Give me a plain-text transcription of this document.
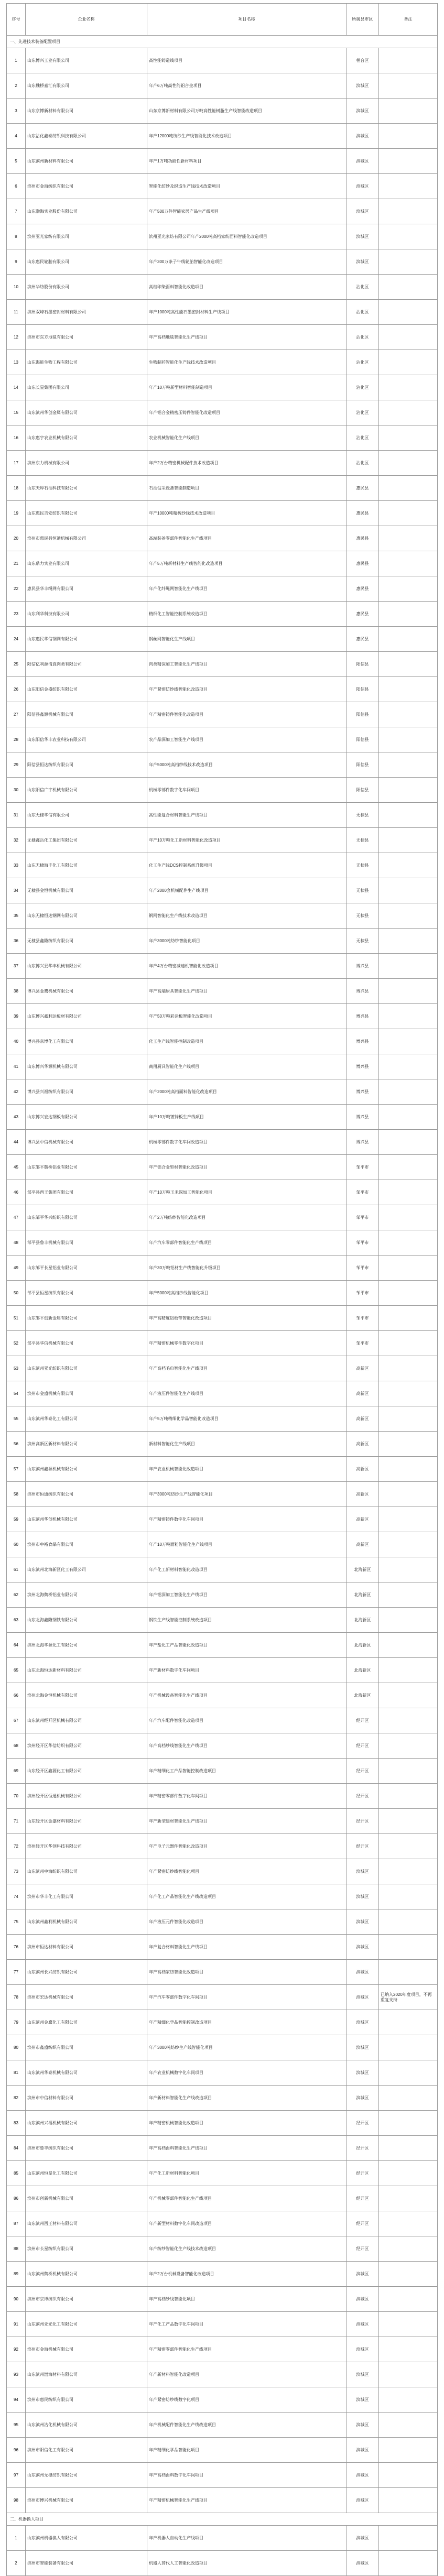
序号	企业名称	项目名称	所属县市区	备注
一、先进技术装备配置项目				
1	山东博兴工业有限公司	高性能铸造线项目	桓台区	
2	山东魏桥嘉汇有限公司	年产6万吨高性能铝合金项目	滨城区	
3	山东京博新材料有限公司	山东京博新材料有限公司万吨高性能树脂生产线智能改造项目	滨城区	
4	山东沾化鑫泰纺织科技有限公司	年产12000吨纺纱生产线智能化技术改造项目	滨城区	
5	山东滨州新材料有限公司	年产1万吨功能性新材料项目	滨城区	
6	滨州市金海纺织有限公司	智能化纺纱及织造生产线技术改造项目	滨城区	
7	山东渤海实业股份有限公司	年产500万件智能家居产品生产线项目	滨城区	
8	滨州亚光家纺有限公司	滨州亚光家纺有限公司年产2000吨高档家纺面料智能化改造项目	滨城区	
9	山东惠民轮胎有限公司	年产300万条子午线轮胎智能化改造项目	滨城区	
10	滨州华纺股份有限公司	高档印染面料智能化改造项目	沾化区	
11	滨州双峰石墨密封材料有限公司	年产1000吨高性能石墨密封材料生产线项目	沾化区	
12	滨州市东方地毯有限公司	年产高档地毯智能化生产线项目	沾化区	
13	山东海能生物工程有限公司	生物制药智能化生产线技术改造项目	沾化区	
14	山东长星集团有限公司	年产10万吨新型材料智能制造项目	沾化区	
15	山东滨州华创金属有限公司	年产铝合金精密压铸件智能化改造项目	沾化区	
16	山东惠宇农业机械有限公司	农业机械智能化生产线项目	沾化区	
17	滨州东力机械有限公司	年产2万台精密机械配件技术改造项目	沾化区	
18	山东天厚石油科技有限公司	石油钻采设备智能制造项目	惠民县	
19	山东惠民吉安纺织有限公司	年产10000吨精梳纱线技术改造项目	惠民县	
20	滨州市惠民县恒通机械有限公司	高端装备零部件智能化生产线项目	惠民县	
21	山东鼎力实业有限公司	年产5万吨新材料生产线智能化改造项目	惠民县	
22	惠民县华丰绳网有限公司	年产化纤绳网智能化生产线项目	惠民县	
23	山东利华科技有限公司	精细化工智能控制系统改造项目	惠民县	
24	山东惠民华信钢网有限公司	钢丝网智能化生产线项目	惠民县	
25	阳信亿利源清真肉类有限公司	肉类精深加工智能化生产线项目	阳信县	
26	山东阳信金盛纺织有限公司	年产紧密纺纱线智能化改造项目	阳信县	
27	阳信县鑫源机械有限公司	年产精密铸件智能化改造项目	阳信县	
28	山东阳信华丰农业科技有限公司	农产品深加工智能生产线项目	阳信县	
29	阳信县恒达纺织有限公司	年产5000吨高档纱线技术改造项目	阳信县	
30	山东阳信广宇机械有限公司	机械零部件数字化车间项目	阳信县	
31	山东无棣华信有限公司	高性能复合材料智能生产线项目	无棣县	
32	无棣鑫岳化工集团有限公司	年产10万吨化工新材料智能化改造项目	无棣县	
33	山东无棣海丰化工有限公司	化工生产线DCS控制系统升级项目	无棣县	
34	无棣县金恒机械有限公司	年产2000套机械配件生产线项目	无棣县	
35	山东无棣恒达钢网有限公司	钢网智能化生产线技术改造项目	无棣县	
36	无棣县鑫隆纺织有限公司	年产3000吨纺纱智能化项目	无棣县	
37	山东博兴县华丰机械有限公司	年产4万台精密减速机智能化改造项目	博兴县	
38	博兴县金鹰机械有限公司	年产高端厨具智能化生产线项目	博兴县	
39	山东博兴鑫利达板材有限公司	年产50万吨彩涂板智能化改造项目	博兴县	
40	博兴县京博化工有限公司	化工生产线智能控制改造项目	博兴县	
41	山东博兴华源机械有限公司	商用厨具智能化生产线项目	博兴县	
42	博兴县兴福纺织有限公司	年产2000吨高档面料智能化改造项目	博兴县	
43	山东博兴宏达钢板有限公司	年产10万吨镀锌板生产线项目	博兴县	
44	博兴县中信机械有限公司	机械零部件数字化车间改造项目	博兴县	
45	山东邹平魏桥铝业有限公司	年产铝合金型材智能化改造项目	邹平市	
46	邹平县西王集团有限公司	年产10万吨玉米深加工智能化项目	邹平市	
47	山东邹平华兴纺织有限公司	年产2万吨纺纱智能化改造项目	邹平市	
48	邹平县鲁丰机械有限公司	年产汽车零部件智能化生产线项目	邹平市	
49	山东邹平长星铝业有限公司	年产30万吨铝材生产线智能化升级项目	邹平市	
50	邹平县恒星纺织有限公司	年产5000吨高档纱线智能化项目	邹平市	
51	山东邹平创新金属有限公司	年产高精度铝板带智能化改造项目	邹平市	
52	邹平县华信机械有限公司	年产精密机械零件数字化项目	邹平市	
53	山东滨州亚光纺织有限公司	年产高档毛巾智能化生产线项目	高新区	
54	滨州市金盛机械有限公司	年产液压件智能化生产线项目	高新区	
55	山东滨州华泰化工有限公司	年产5万吨精细化学品智能化改造项目	高新区	
56	滨州高新区新材料有限公司	新材料智能化生产线项目	高新区	
57	山东滨州鑫源机械有限公司	年产农业机械智能化改造项目	高新区	
58	滨州市恒通纺织有限公司	年产3000吨纺纱生产线智能化项目	高新区	
59	山东滨州华创机械有限公司	年产精密铸件数字化车间项目	高新区	
60	滨州市中裕食品有限公司	年产10万吨面粉智能化生产线项目	高新区	
61	山东滨州北海新区化工有限公司	年产化工新材料智能化改造项目	北海新区	
62	滨州北海魏桥铝业有限公司	年产铝深加工智能化生产线项目	北海新区	
63	山东北海鑫隆钢铁有限公司	钢铁生产线智能控制系统改造项目	北海新区	
64	滨州北海华源化工有限公司	年产盐化工产品智能化改造项目	北海新区	
65	山东北海恒达新材料有限公司	年产新材料数字化车间项目	北海新区	
66	滨州北海金恒机械有限公司	年产机械设备智能化生产线项目	北海新区	
67	山东滨州经开区机械有限公司	年产汽车配件智能化改造项目	经开区	
68	滨州经开区华信纺织有限公司	年产高档纱线智能化生产线项目	经开区	
69	山东经开区鑫源化工有限公司	年产精细化工产品智能控制改造项目	经开区	
70	滨州经开区恒通机械有限公司	年产精密零部件数字化车间项目	经开区	
71	山东经开区金盛材料有限公司	年产新型建材智能化生产线项目	经开区	
72	滨州经开区华创科技有限公司	年产电子元器件智能化改造项目	经开区	
73	山东滨州中海纺织有限公司	年产紧密纺纱线智能化项目	滨城区	
74	滨州市华丰化工有限公司	年产化工产品智能化生产线改造项目	滨城区	
75	山东滨州鑫利机械有限公司	年产液压元件智能化改造项目	滨城区	
76	滨州市恒达材料有限公司	年产复合材料智能化生产线项目	滨城区	
77	山东滨州长兴纺织有限公司	年产高档家纺智能化改造项目	滨城区	
78	滨州市宏达机械有限公司	年产汽车零部件数字化车间项目	滨城区	已纳入2020年度项目，不再重复支持
79	山东滨州金鹰化工有限公司	年产精细化学品智能控制改造项目	滨城区	
80	滨州市鑫盛纺织有限公司	年产3000吨纺纱生产线智能化项目	滨城区	
81	山东滨州华泰机械有限公司	年产农业机械数字化车间项目	滨城区	
82	滨州市中信材料有限公司	年产新材料智能化生产线改造项目	滨城区	
83	山东滨州兴福机械有限公司	年产精密机械智能化改造项目	经开区	
84	滨州市鲁丰纺织有限公司	年产高档面料智能化生产线项目	经开区	
85	山东滨州恒星化工有限公司	年产化工新材料智能化项目	经开区	
86	滨州市创新机械有限公司	年产机械零部件智能化生产线项目	经开区	
87	山东滨州西王材料有限公司	年产新型材料数字化车间改造项目	经开区	
88	滨州市长星纺织有限公司	年产纺纱智能化生产线技术改造项目	经开区	
89	山东滨州魏桥机械有限公司	年产2万台机械设备智能化改造项目	滨城区	
90	滨州市京博纺织有限公司	年产高档纱线智能化项目	滨城区	
91	山东滨州亚光化工有限公司	年产化工产品数字化车间项目	滨城区	
92	滨州市金海机械有限公司	年产精密零部件智能化生产线项目	滨城区	
93	山东滨州渤海材料有限公司	年产新材料智能化改造项目	滨城区	
94	滨州市惠民纺织有限公司	年产紧密纺纱线数字化项目	滨城区	
95	山东滨州沾化机械有限公司	年产机械配件智能化生产线改造项目	滨城区	
96	滨州市阳信化工有限公司	年产精细化学品智能化项目	滨城区	
97	山东滨州无棣纺织有限公司	年产高档面料数字化车间项目	滨城区	
98	滨州市博兴机械有限公司	年产精密机械智能化生产线项目	滨城区	
二、机器换人项目				
1	山东滨州机器换人有限公司	年产机器人自动化生产线项目	滨城区	
2	滨州市智能装备有限公司	机器人替代人工智能化改造项目	滨城区	
